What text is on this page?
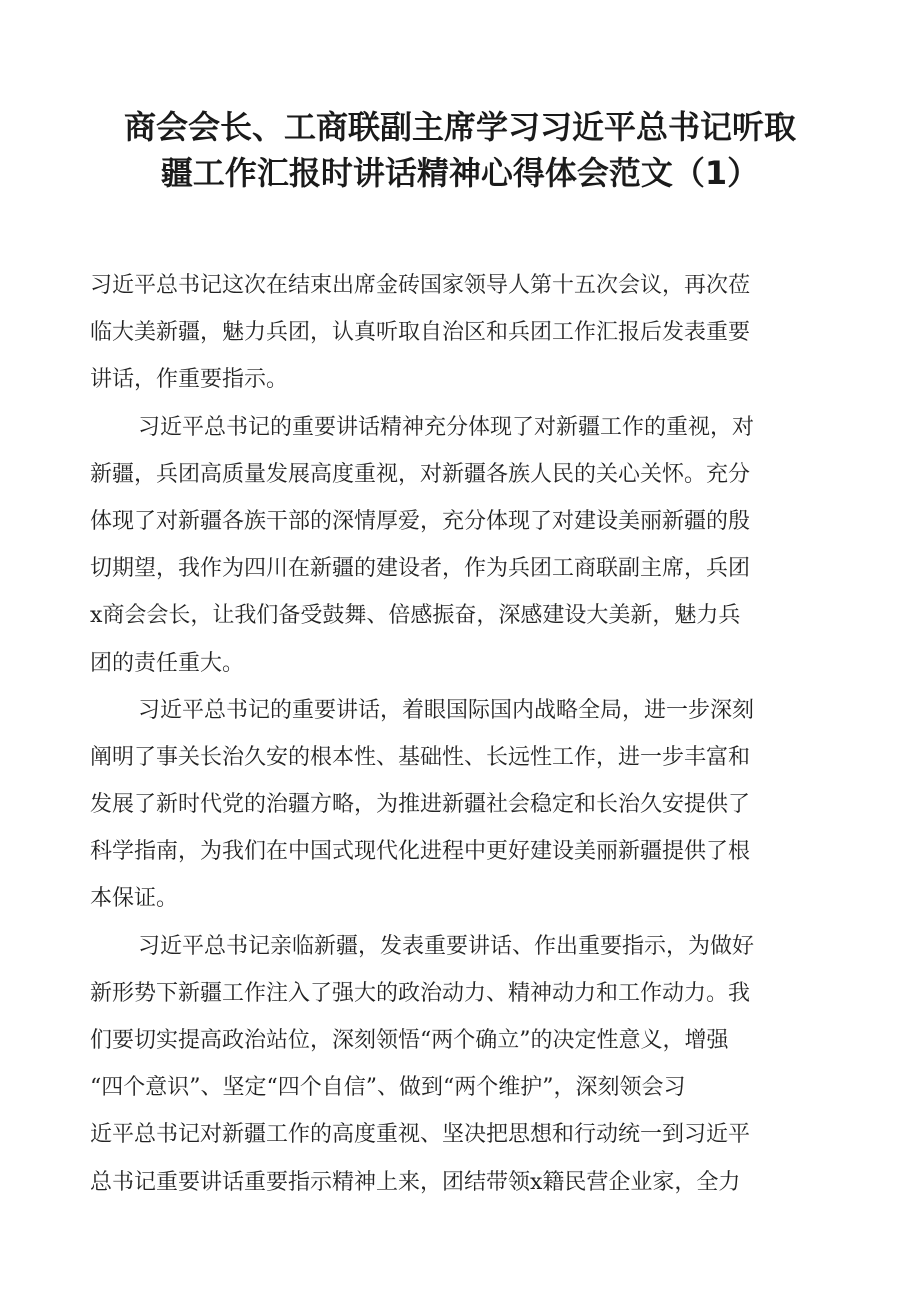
商会会长、工商联副主席学习习近平总书记听取
疆工作汇报时讲话精神心得体会范文（1）
习近平总书记这次在结束出席金砖国家领导人第十五次会议，再次莅
临大美新疆，魅力兵团，认真听取自治区和兵团工作汇报后发表重要
讲话，作重要指示。
习近平总书记的重要讲话精神充分体现了对新疆工作的重视，对
新疆，兵团高质量发展高度重视，对新疆各族人民的关心关怀。充分
体现了对新疆各族干部的深情厚爱，充分体现了对建设美丽新疆的殷
切期望，我作为四川在新疆的建设者，作为兵团工商联副主席，兵团
x商会会长，让我们备受鼓舞、倍感振奋，深感建设大美新，魅力兵
团的责任重大。
习近平总书记的重要讲话，着眼国际国内战略全局，进一步深刻
阐明了事关长治久安的根本性、基础性、长远性工作，进一步丰富和
发展了新时代党的治疆方略，为推进新疆社会稳定和长治久安提供了
科学指南，为我们在中国式现代化进程中更好建设美丽新疆提供了根
本保证。
习近平总书记亲临新疆，发表重要讲话、作出重要指示，为做好
新形势下新疆工作注入了强大的政治动力、精神动力和工作动力。我
们要切实提高政治站位，深刻领悟“两个确立”的决定性意义，增强
“四个意识”、坚定“四个自信”、做到“两个维护”，深刻领会习
近平总书记对新疆工作的高度重视、坚决把思想和行动统一到习近平
总书记重要讲话重要指示精神上来，团结带领x籍民营企业家，全力
